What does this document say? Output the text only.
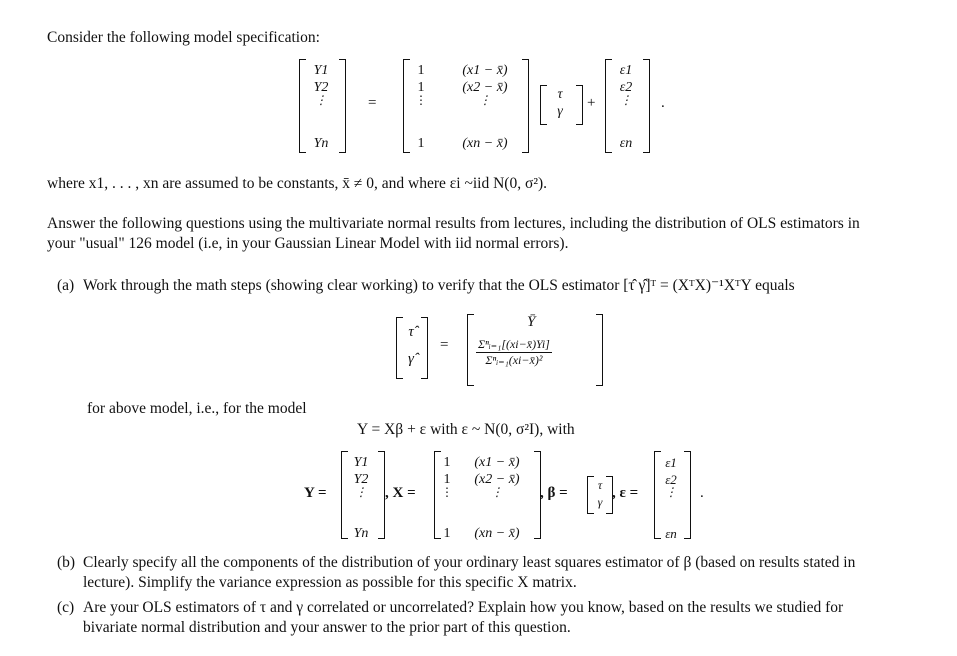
Consider the following model specification:
Y1
Y2
⋮
Yn
=
1
1
⋮
1
(x1 − x̄)
(x2 − x̄)
⋮
(xn − x̄)
τ
γ
+
ε1
ε2
⋮
εn
.
where x1, . . . , xn are assumed to be constants, x̄ ≠ 0, and where εi ~iid N(0, σ²).
Answer the following questions using the multivariate normal results from lectures, including the distribution of OLS estimators in
your "usual" 126 model (i.e, in your Gaussian Linear Model with iid normal errors).
(a) Work through the math steps (showing clear working) to verify that the OLS estimator [τ̂ γ̂]ᵀ = (XᵀX)⁻¹XᵀY equals
τ̂
γ̂
=
Ȳ
$\frac{\text{Σⁿᵢ₌₁[(xi−x̄)Yi]}}{\text{Σⁿᵢ₌₁(xi−x̄)²}}$
for above model, i.e., for the model
Y = Xβ + ε with ε ~ N(0, σ²I), with
Y =
Y1
Y2
⋮
Yn
, X =
1
1
⋮
1
(x1 − x̄)
(x2 − x̄)
⋮
(xn − x̄)
, β =	τ
γ
, ε =
ε1
ε2
⋮
εn
.
(b) Clearly specify all the components of the distribution of your ordinary least squares estimator of β (based on results stated in
lecture). Simplify the variance expression as possible for this specific X matrix.
(c) Are your OLS estimators of τ and γ correlated or uncorrelated? Explain how you know, based on the results we studied for
bivariate normal distribution and your answer to the prior part of this question.
